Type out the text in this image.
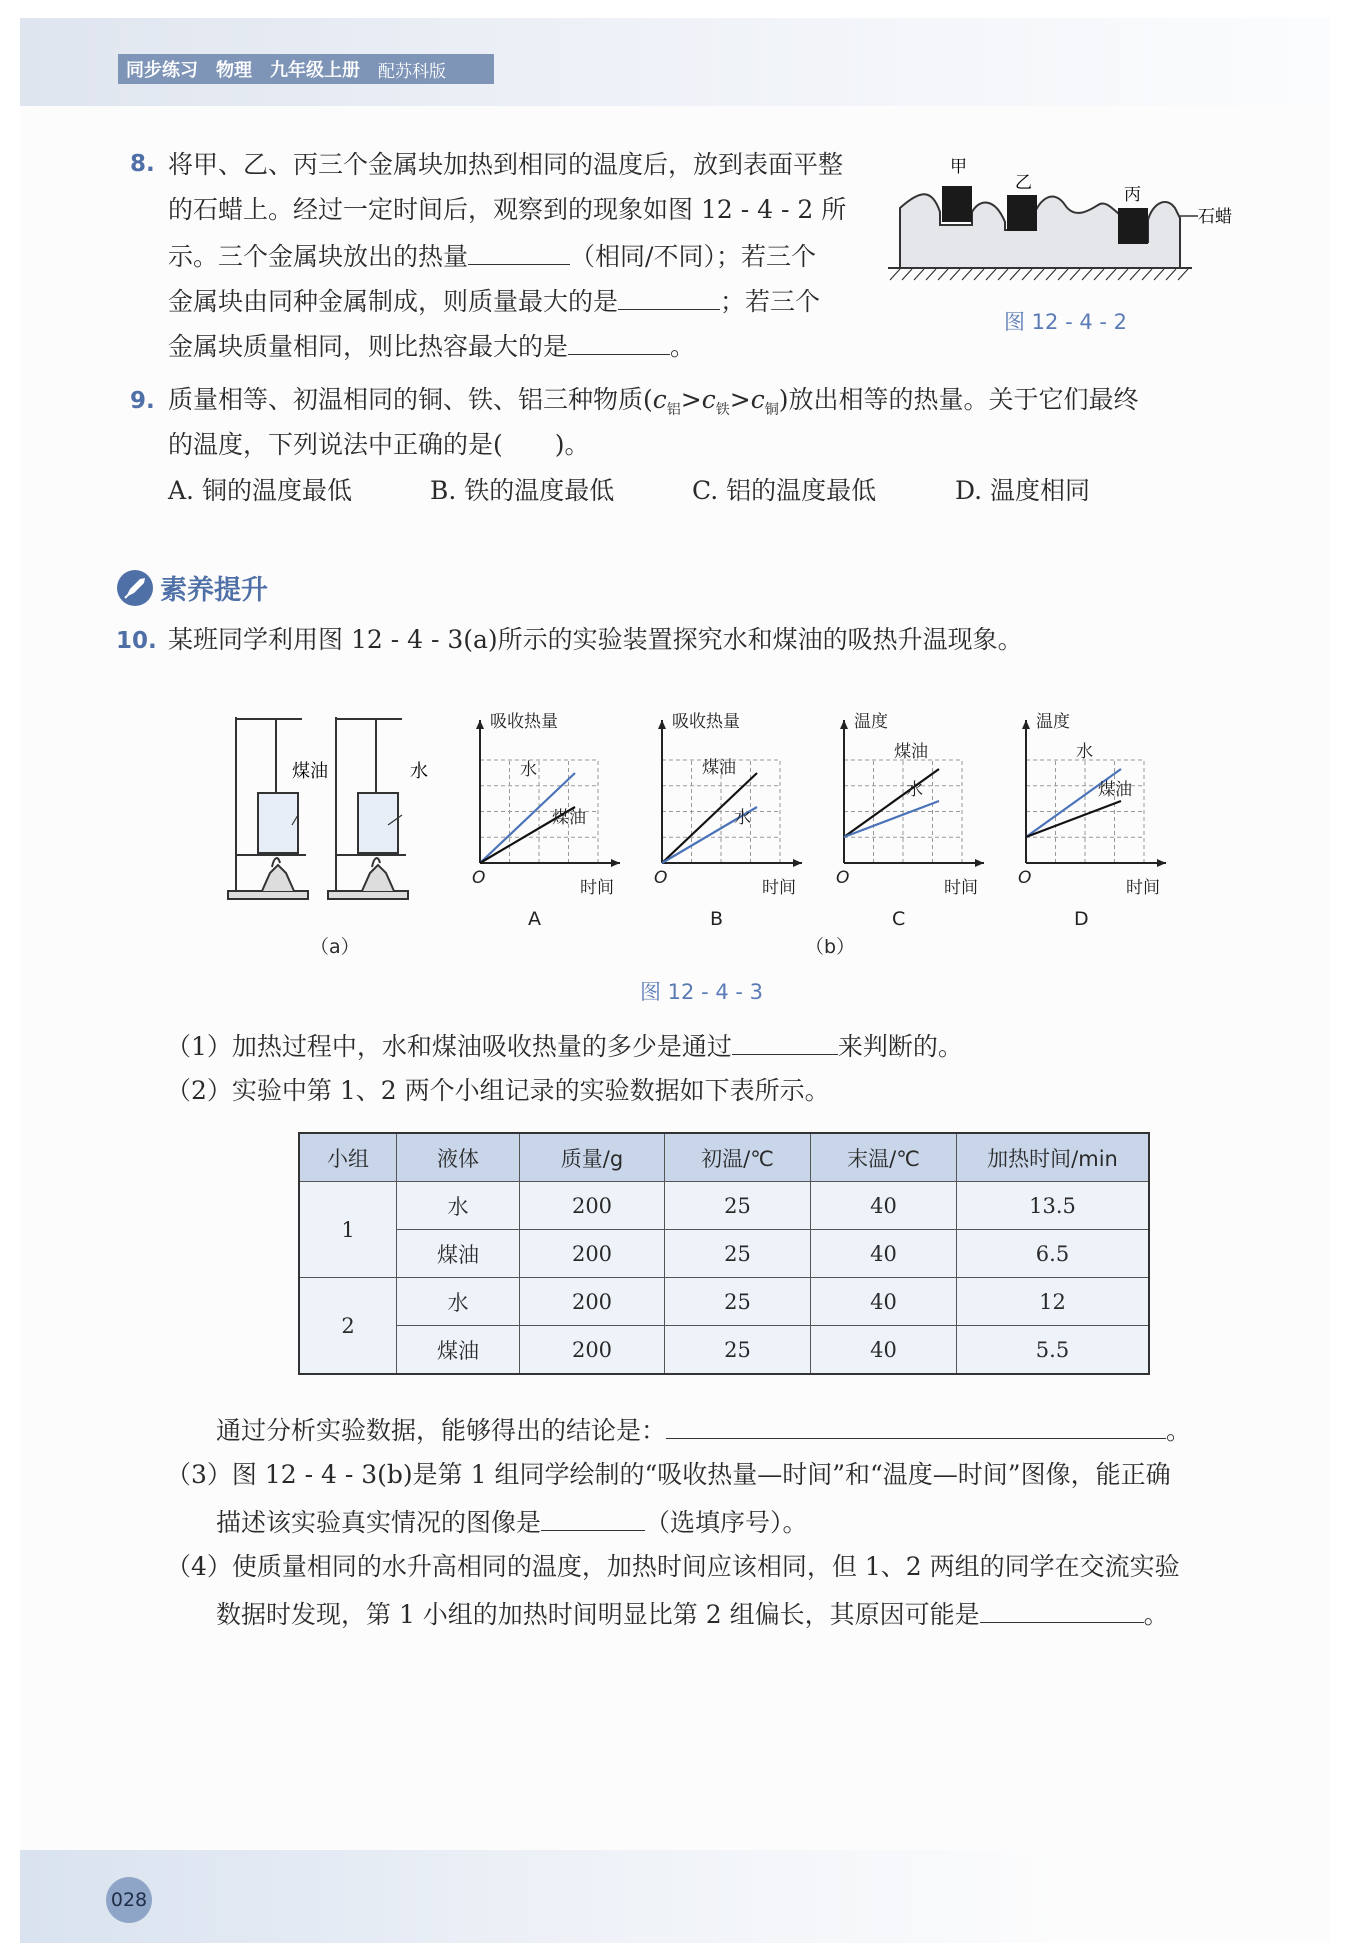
同步练习 物理 九年级上册 配苏科版
8. 将甲、乙、丙三个金属块加热到相同的温度后，放到表面平整
的石蜡上。经过一定时间后，观察到的现象如图 12 - 4 - 2 所
示。三个金属块放出的热量	（相同/不同）；若三个
金属块由同种金属制成，则质量最大的是	；若三个
金属块质量相同，则比热容最大的是	。
甲
乙
丙
石蜡
图 12 - 4 - 2
9. 质量相等、初温相同的铜、铁、铝三种物质$(c_铝>c_铁>c_铜)$放出相等的热量。关于它们最终
的温度，下列说法中正确的是( )。
A. 铜的温度最低	B. 铁的温度最低	C. 铝的温度最低	D. 温度相同
素养提升
10. 某班同学利用图 12 - 4 - 3(a)所示的实验装置探究水和煤油的吸热升温现象。
煤油	水
吸收热量
水
煤油
O	时间
A
吸收热量
煤油
水
O	时间
B
温度
煤油
水
O	时间
C
温度
水
煤油
O	时间
D
（a）	（b）
图 12 - 4 - 3
（1）加热过程中，水和煤油吸收热量的多少是通过	来判断的。
（2）实验中第 1、2 两个小组记录的实验数据如下表所示。
小组	液体	质量/g	初温/℃	末温/℃	加热时间/min
1	水	200	25	40	13.5
	煤油	200	25	40	6.5
2	水	200	25	40	12
	煤油	200	25	40	5.5
通过分析实验数据，能够得出的结论是：	。
（3）图 12 - 4 - 3(b)是第 1 组同学绘制的“吸收热量—时间”和“温度—时间”图像，能正确
描述该实验真实情况的图像是	（选填序号）。
（4）使质量相同的水升高相同的温度，加热时间应该相同，但 1、2 两组的同学在交流实验
数据时发现，第 1 小组的加热时间明显比第 2 组偏长，其原因可能是	。
028
